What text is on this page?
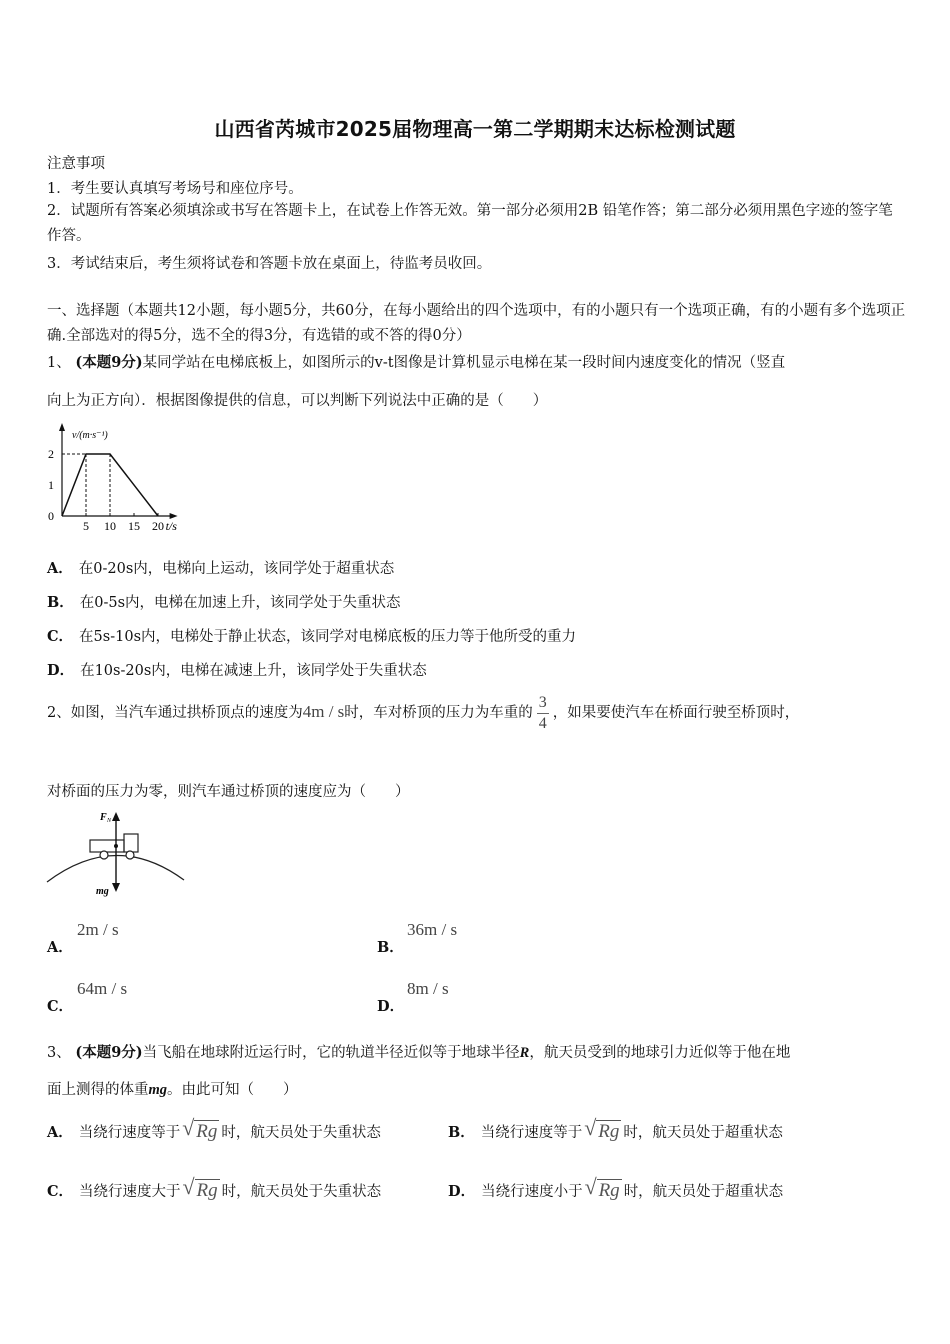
山西省芮城市2025届物理高一第二学期期末达标检测试题
注意事项
1．考生要认真填写考场号和座位序号。
2．试题所有答案必须填涂或书写在答题卡上，在试卷上作答无效。第一部分必须用2B 铅笔作答；第二部分必须用黑色字迹的签字笔作答。
3．考试结束后，考生须将试卷和答题卡放在桌面上，待监考员收回。
一、选择题（本题共12小题，每小题5分，共60分，在每小题给出的四个选项中，有的小题只有一个选项正确，有的小题有多个选项正确.全部选对的得5分，选不全的得3分，有选错的或不答的得0分）
1、 (本题9分)某同学站在电梯底板上，如图所示的v-t图像是计算机显示电梯在某一段时间内速度变化的情况（竖直
向上为正方向）．根据图像提供的信息，可以判断下列说法中正确的是（　　）
v/(m·s⁻¹)
t/s
5 10 15 20
2
1
0
A． 在0-20s内，电梯向上运动，该同学处于超重状态
B． 在0-5s内，电梯在加速上升，该同学处于失重状态
C． 在5s-10s内，电梯处于静止状态，该同学对电梯底板的压力等于他所受的重力
D． 在10s-20s内，电梯在减速上升，该同学处于失重状态
2、如图，当汽车通过拱桥顶点的速度为4m / s时，车对桥顶的压力为车重的 $\frac{3}{4}$ ，如果要使汽车在桥面行驶至桥顶时，
对桥面的压力为零，则汽车通过桥顶的速度应为（　　）
F N
mg
A．
2m / s
B．
36m / s
C．
64m / s
D．
8m / s
3、 (本题9分)当飞船在地球附近运行时，它的轨道半径近似等于地球半径R，航天员受到的地球引力近似等于他在地
面上测得的体重mg。由此可知（　　）
A． 当绕行速度等于 √ Rg 时，航天员处于失重状态	B． 当绕行速度等于 √ Rg 时，航天员处于超重状态
C． 当绕行速度大于 √ Rg 时，航天员处于失重状态	D． 当绕行速度小于 √ Rg 时，航天员处于超重状态
